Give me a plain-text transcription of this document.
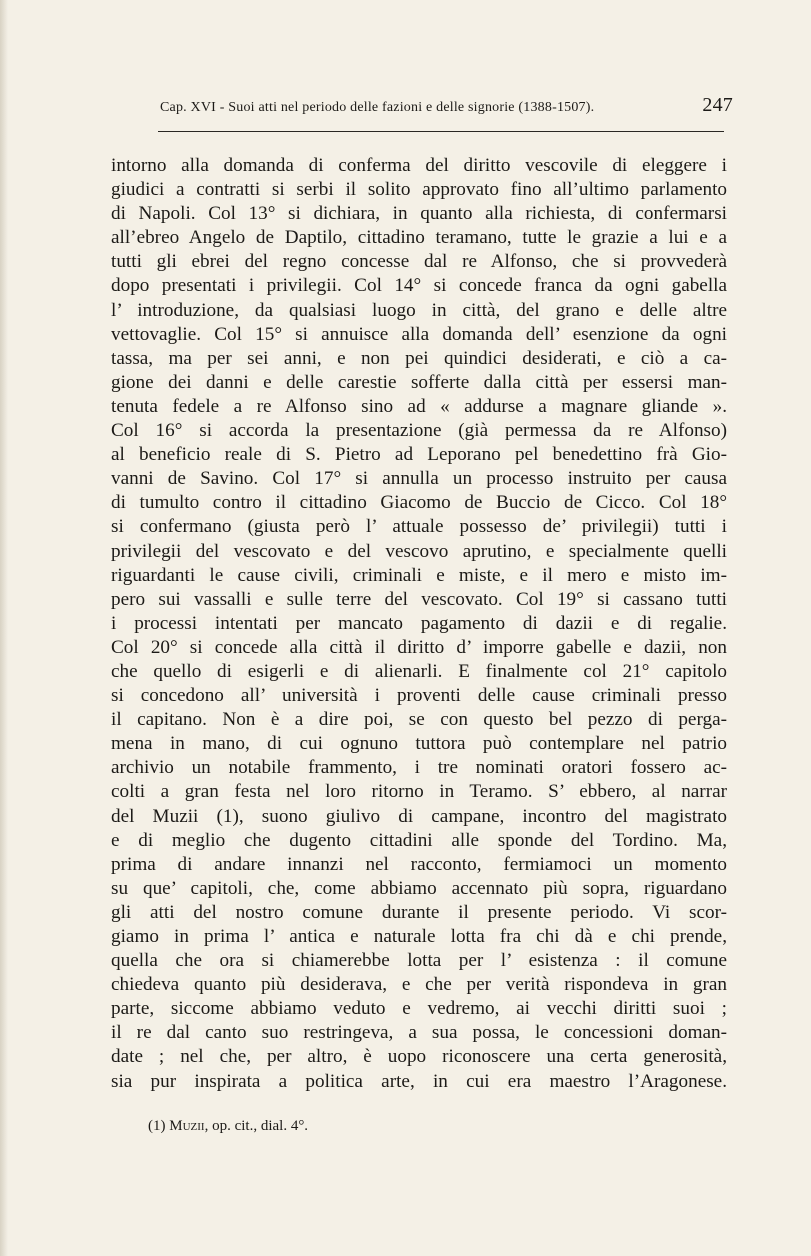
Cap. XVI - Suoi atti nel periodo delle fazioni e delle signorie (1388-1507).	247
intorno alla domanda di conferma del diritto vescovile di eleggere i
giudici a contratti si serbi il solito approvato fino all’ultimo parlamento
di Napoli. Col 13° si dichiara, in quanto alla richiesta, di confermarsi
all’ebreo Angelo de Daptilo, cittadino teramano, tutte le grazie a lui e a
tutti gli ebrei del regno concesse dal re Alfonso, che si provvederà
dopo presentati i privilegii. Col 14° si concede franca da ogni gabella
l’ introduzione, da qualsiasi luogo in città, del grano e delle altre
vettovaglie. Col 15° si annuisce alla domanda dell’ esenzione da ogni
tassa, ma per sei anni, e non pei quindici desiderati, e ciò a ca-
gione dei danni e delle carestie sofferte dalla città per essersi man-
tenuta fedele a re Alfonso sino ad « addurse a magnare gliande ».
Col 16° si accorda la presentazione (già permessa da re Alfonso)
al beneficio reale di S. Pietro ad Leporano pel benedettino frà Gio-
vanni de Savino. Col 17° si annulla un processo instruito per causa
di tumulto contro il cittadino Giacomo de Buccio de Cicco. Col 18°
si confermano (giusta però l’ attuale possesso de’ privilegii) tutti i
privilegii del vescovato e del vescovo aprutino, e specialmente quelli
riguardanti le cause civili, criminali e miste, e il mero e misto im-
pero sui vassalli e sulle terre del vescovato. Col 19° si cassano tutti
i processi intentati per mancato pagamento di dazii e di regalie.
Col 20° si concede alla città il diritto d’ imporre gabelle e dazii, non
che quello di esigerli e di alienarli. E finalmente col 21° capitolo
si concedono all’ università i proventi delle cause criminali presso
il capitano. Non è a dire poi, se con questo bel pezzo di perga-
mena in mano, di cui ognuno tuttora può contemplare nel patrio
archivio un notabile frammento, i tre nominati oratori fossero ac-
colti a gran festa nel loro ritorno in Teramo. S’ ebbero, al narrar
del Muzii (1), suono giulivo di campane, incontro del magistrato
e di meglio che dugento cittadini alle sponde del Tordino. Ma,
prima di andare innanzi nel racconto, fermiamoci un momento
su que’ capitoli, che, come abbiamo accennato più sopra, riguardano
gli atti del nostro comune durante il presente periodo. Vi scor-
giamo in prima l’ antica e naturale lotta fra chi dà e chi prende,
quella che ora si chiamerebbe lotta per l’ esistenza : il comune
chiedeva quanto più desiderava, e che per verità rispondeva in gran
parte, siccome abbiamo veduto e vedremo, ai vecchi diritti suoi ;
il re dal canto suo restringeva, a sua possa, le concessioni doman-
date ; nel che, per altro, è uopo riconoscere una certa generosità,
sia pur inspirata a politica arte, in cui era maestro l’Aragonese.
(1) Muzii, op. cit., dial. 4°.
